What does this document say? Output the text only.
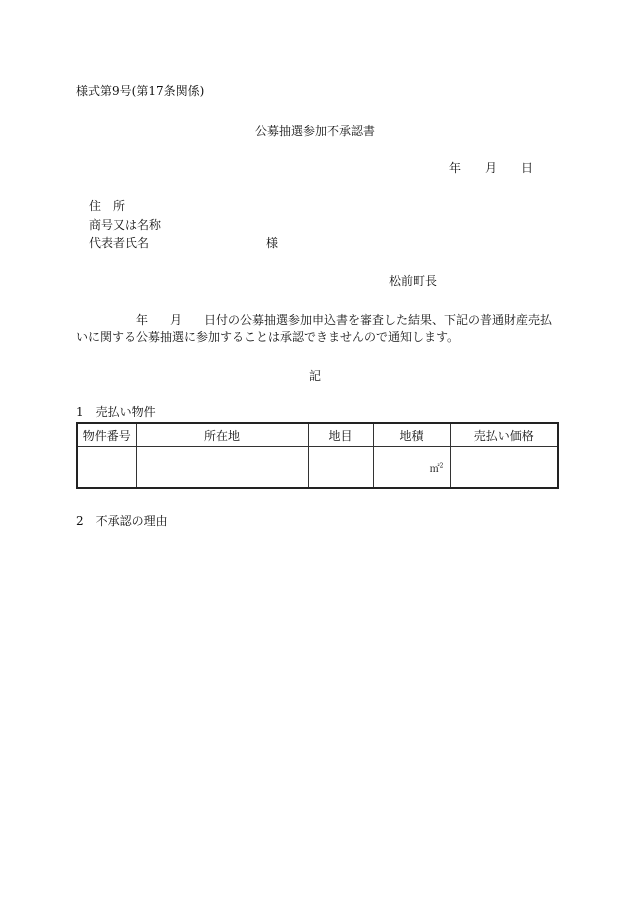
様式第9号(第17条関係)
公募抽選参加不承認書
年 月 日
住　所
商号又は名称
代表者氏名	様
松前町長
年 月 日付の公募抽選参加申込書を審査した結果、下記の普通財産売払
いに関する公募抽選に参加することは承認できませんので通知します。
記
1　売払い物件
物件番号	所在地	地目	地積	売払い価格
			㎡$^2$	
2　不承認の理由
